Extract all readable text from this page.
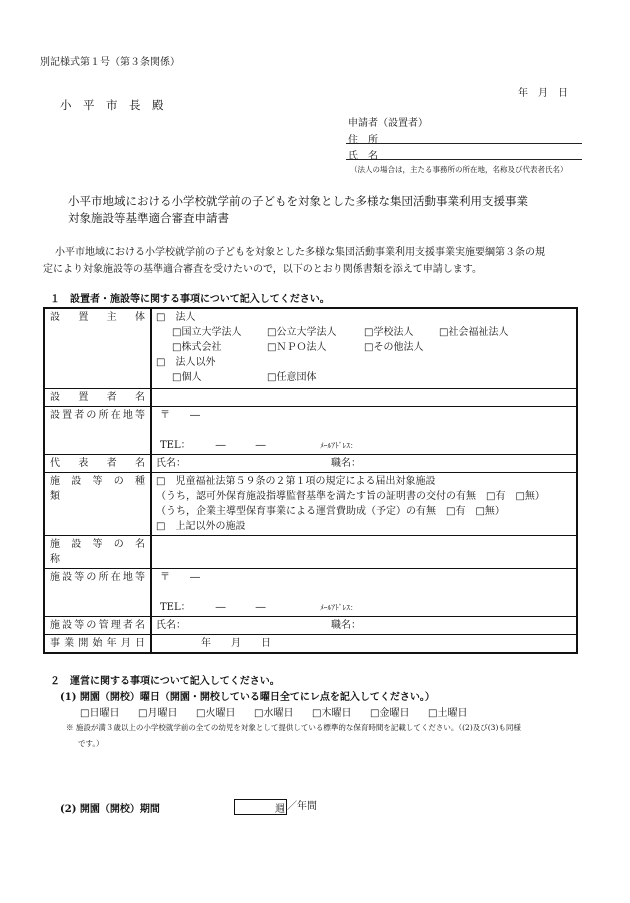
別記様式第１号（第３条関係）
年　月　日
小　平　市　長　殿
申請者（設置者）
住　所
氏　名
（法人の場合は，主たる事務所の所在地，名称及び代表者氏名）
小平市地域における小学校就学前の子どもを対象とした多様な集団活動事業利用支援事業
対象施設等基準適合審査申請書
小平市地域における小学校就学前の子どもを対象とした多様な集団活動事業利用支援事業実施要綱第３条の規
定により対象施設等の基準適合審査を受けたいので，以下のとおり関係書類を添えて申請します。
１　設置者・施設等に関する事項について記入してください。
設　置　主　体	□　法人
□国立大学法人 □公立大学法人 □学校法人 □社会福祉法人
□株式会社 □ＮＰＯ法人 □その他法人
□　法人以外
□個人 □任意団体

設　置　者　名	
設置者の所在地等	〒　　―
TEL：　　　―　　　― ﾒｰﾙｱﾄﾞﾚｽ：

代　表　者　名	氏名： 職名：
施　設　等　の　種　類	□　児童福祉法第５９条の２第１項の規定による届出対象施設
（うち，認可外保育施設指導監督基準を満たす旨の証明書の交付の有無　□有　□無）
（うち，企業主導型保育事業による運営費助成（予定）の有無　□有　□無）
□　上記以外の施設

施　設　等　の　名　称	
施設等の所在地等	〒　　―
TEL：　　　―　　　― ﾒｰﾙｱﾄﾞﾚｽ：

施設等の管理者名	氏名： 職名：
事業開始年月日	年　　月　　日
２　運営に関する事項について記入してください。
(1) 開園（開校）曜日（開園・開校している曜日全てにレ点を記入してください。）
□日曜日 □月曜日 □火曜日 □水曜日 □木曜日 □金曜日 □土曜日
※ 施設が満３歳以上の小学校就学前の全ての幼児を対象として提供している標準的な保育時間を記載してください。（(2)及び(3)も同様
です。）
(2) 開園（開校）期間	週 ／年間
